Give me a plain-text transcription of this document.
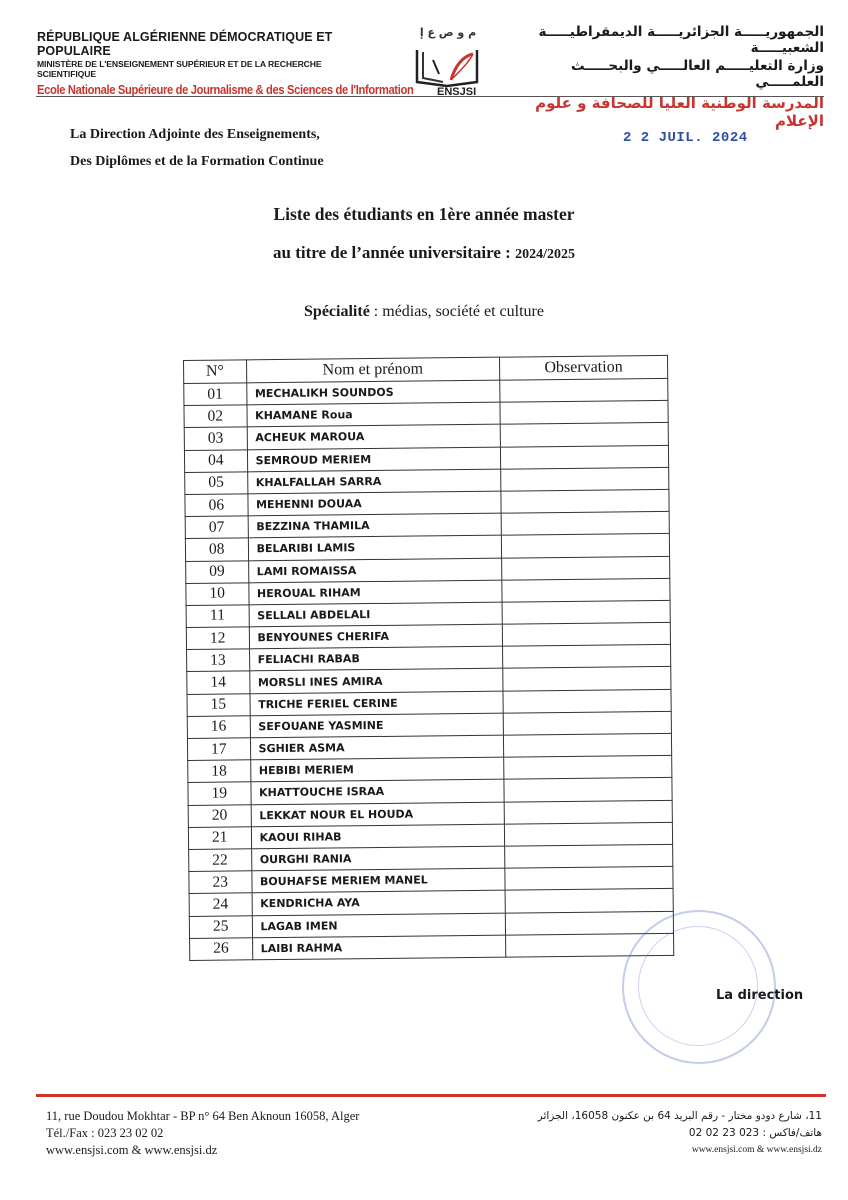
RÉPUBLIQUE ALGÉRIENNE DÉMOCRATIQUE ET POPULAIRE
MINISTÈRE DE L'ENSEIGNEMENT SUPÉRIEUR ET DE LA RECHERCHE SCIENTIFIQUE
Ecole Nationale Supérieure de Journalisme & des Sciences de l'Information
م و ص ع إ
ENSJSI
الجمهوريـــــة الجزائريـــــة الديمقراطيـــــة الشعبيـــــة
وزارة التعليـــــم العالـــــي والبحـــــث العلمـــــي
المدرسة الوطنية العليا للصحافة و علوم الإعلام
La Direction Adjointe des Enseignements,
Des Diplômes et de la Formation Continue
2 2 JUIL. 2024
Liste des étudiants en 1ère année master
au titre de l’année universitaire : 2024/2025
Spécialité : médias, société et culture
N°	Nom et prénom	Observation
01	MECHALIKH SOUNDOS	
02	KHAMANE Roua	
03	ACHEUK MAROUA	
04	SEMROUD MERIEM	
05	KHALFALLAH SARRA	
06	MEHENNI DOUAA	
07	BEZZINA THAMILA	
08	BELARIBI LAMIS	
09	LAMI ROMAISSA	
10	HEROUAL RIHAM	
11	SELLALI ABDELALI	
12	BENYOUNES CHERIFA	
13	FELIACHI RABAB	
14	MORSLI INES AMIRA	
15	TRICHE FERIEL CERINE	
16	SEFOUANE YASMINE	
17	SGHIER ASMA	
18	HEBIBI MERIEM	
19	KHATTOUCHE ISRAA	
20	LEKKAT NOUR EL HOUDA	
21	KAOUI RIHAB	
22	OURGHI RANIA	
23	BOUHAFSE MERIEM MANEL	
24	KENDRICHA AYA	
25	LAGAB IMEN	
26	LAIBI RAHMA	
La direction
11, rue Doudou Mokhtar - BP n° 64 Ben Aknoun 16058, Alger
Tél./Fax : 023 23 02 02
www.ensjsi.com & www.ensjsi.dz
11، شارع دودو مختار - رقم البريد 64 بن عكنون 16058، الجزائر
هاتف/فاكس : 023 23 02 02
www.ensjsi.com & www.ensjsi.dz
